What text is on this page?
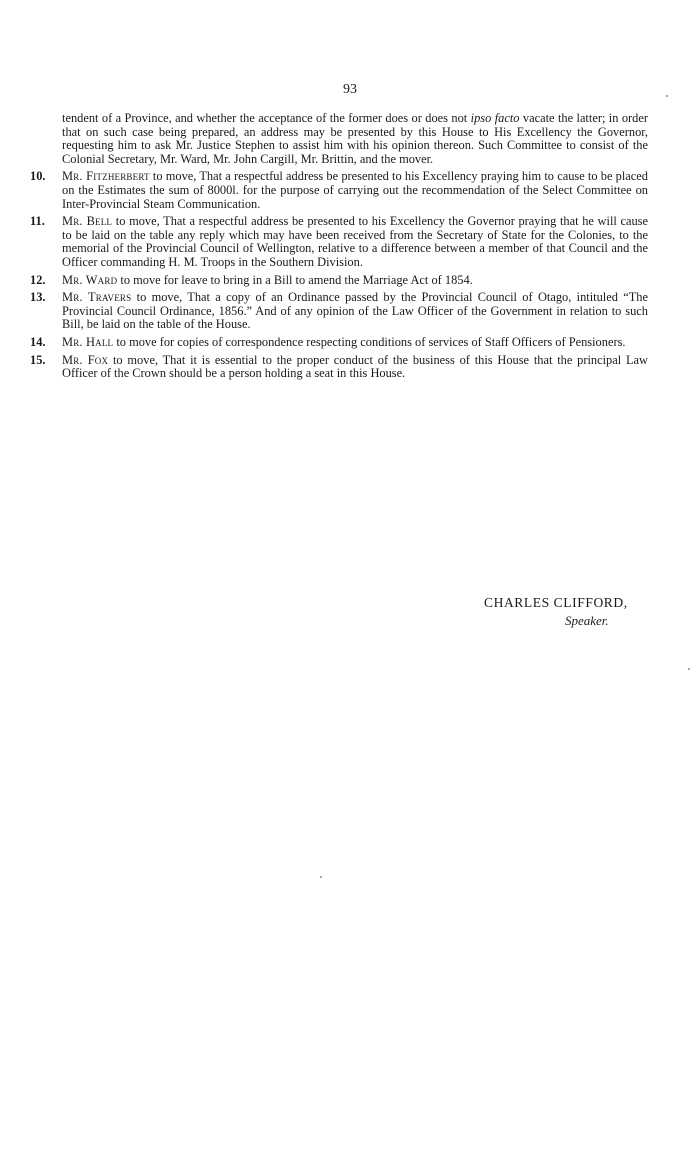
93
tendent of a Province, and whether the acceptance of the former does or does not ipso facto vacate the latter; in order that on such case being prepared, an address may be presented by this House to His Excellency the Governor, requesting him to ask Mr. Justice Stephen to assist him with his opinion thereon. Such Committee to consist of the Colonial Secretary, Mr. Ward, Mr. John Cargill, Mr. Brittin, and the mover.
10. Mr. Fitzherbert to move, That a respectful address be presented to his Excellency praying him to cause to be placed on the Estimates the sum of 8000l. for the purpose of carrying out the recommendation of the Select Committee on Inter-Provincial Steam Communication.
11. Mr. Bell to move, That a respectful address be presented to his Excellency the Governor praying that he will cause to be laid on the table any reply which may have been received from the Secretary of State for the Colonies, to the memorial of the Provincial Council of Wellington, relative to a difference between a member of that Council and the Officer commanding H. M. Troops in the Southern Division.
12. Mr. Ward to move for leave to bring in a Bill to amend the Marriage Act of 1854.
13. Mr. Travers to move, That a copy of an Ordinance passed by the Provincial Council of Otago, intituled “The Provincial Council Ordinance, 1856.” And of any opinion of the Law Officer of the Government in relation to such Bill, be laid on the table of the House.
14. Mr. Hall to move for copies of correspondence respecting conditions of services of Staff Officers of Pensioners.
15. Mr. Fox to move, That it is essential to the proper conduct of the business of this House that the principal Law Officer of the Crown should be a person holding a seat in this House.
CHARLES CLIFFORD,
Speaker.
